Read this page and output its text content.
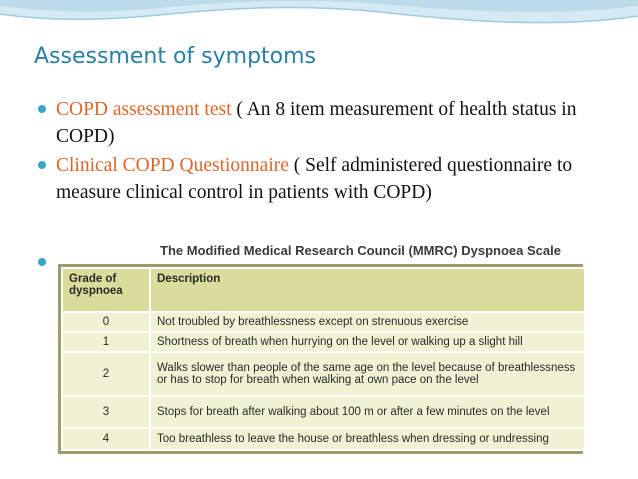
Assessment of symptoms
COPD assessment test ( An 8 item measurement of health status in COPD)
Clinical COPD Questionnaire ( Self administered questionnaire to measure clinical control in patients with COPD)
The Modified Medical Research Council (MMRC) Dyspnoea Scale
Grade of dyspnoea	Description
0	Not troubled by breathlessness except on strenuous exercise
1	Shortness of breath when hurrying on the level or walking up a slight hill
2	Walks slower than people of the same age on the level because of breathlessness or has to stop for breath when walking at own pace on the level
3	Stops for breath after walking about 100 m or after a few minutes on the level
4	Too breathless to leave the house or breathless when dressing or undressing
